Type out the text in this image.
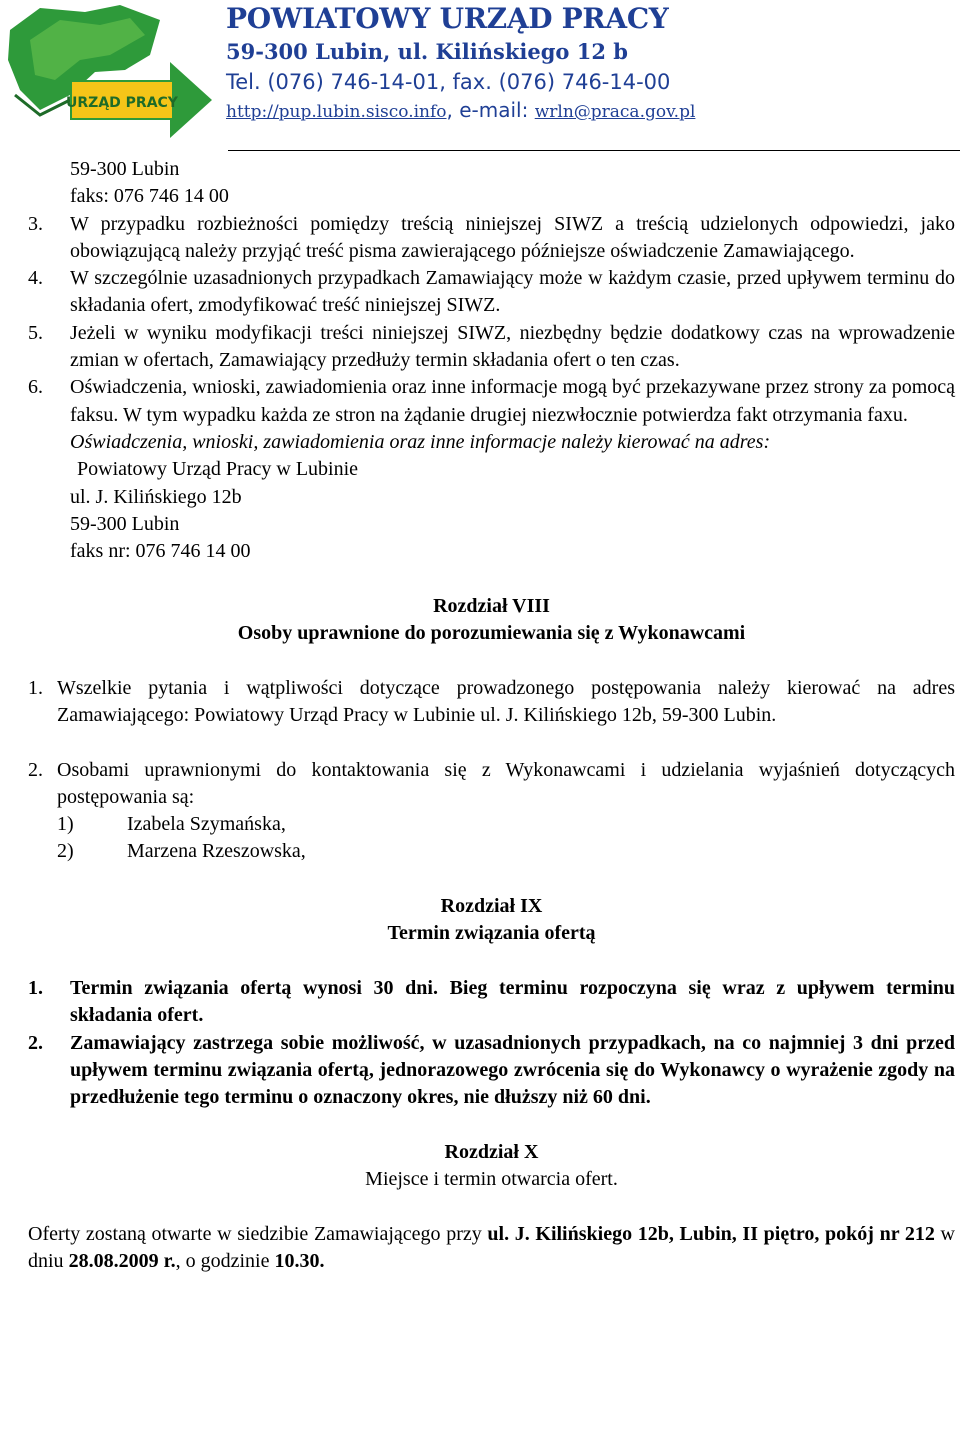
URZĄD PRACY
POWIATOWY URZĄD PRACY
59-300 Lubin, ul. Kilińskiego 12 b
Tel. (076) 746-14-01, fax. (076) 746-14-00
http://pup.lubin.sisco.info, e-mail: wrln@praca.gov.pl

59-300 Lubin

faks: 076 746 14 00

3.	W przypadku rozbieżności pomiędzy treścią niniejszej SIWZ a treścią udzielonych odpowiedzi, jako obowiązującą należy przyjąć treść pisma zawierającego późniejsze oświadczenie Zamawiającego.
4.	W szczególnie uzasadnionych przypadkach Zamawiający może w każdym czasie, przed upływem terminu do składania ofert, zmodyfikować treść niniejszej SIWZ.
5.	Jeżeli w wyniku modyfikacji treści niniejszej SIWZ, niezbędny będzie dodatkowy czas na wprowadzenie zmian w ofertach, Zamawiający przedłuży termin składania ofert o ten czas.
6.	Oświadczenia, wnioski, zawiadomienia oraz inne informacje mogą być przekazywane przez strony za pomocą faksu. W tym wypadku każda ze stron na żądanie drugiej niezwłocznie potwierdza fakt otrzymania faxu.

Oświadczenia, wnioski, zawiadomienia oraz inne informacje należy kierować na adres:

Powiatowy Urząd Pracy w Lubinie

ul. J. Kilińskiego 12b

59-300 Lubin

faks nr: 076 746 14 00

Rozdział VIII

Osoby uprawnione do porozumiewania się z Wykonawcami

1. Wszelkie pytania i wątpliwości dotyczące prowadzonego postępowania należy kierować na adres Zamawiającego: Powiatowy Urząd Pracy w Lubinie ul. J. Kilińskiego 12b, 59-300 Lubin.
2. Osobami uprawnionymi do kontaktowania się z Wykonawcami i udzielania wyjaśnień dotyczących postępowania są:
1)	Izabela Szymańska,
2)	Marzena Rzeszowska,

Rozdział IX

Termin związania ofertą

1.	Termin związania ofertą wynosi 30 dni. Bieg terminu rozpoczyna się wraz z upływem terminu składania ofert.
2.	Zamawiający zastrzega sobie możliwość, w uzasadnionych przypadkach, na co najmniej 3 dni przed upływem terminu związania ofertą, jednorazowego zwrócenia się do Wykonawcy o wyrażenie zgody na przedłużenie tego terminu o oznaczony okres, nie dłuższy niż 60 dni.

Rozdział X

Miejsce i termin otwarcia ofert.

Oferty zostaną otwarte w siedzibie Zamawiającego przy ul. J. Kilińskiego 12b, Lubin, II piętro, pokój nr 212 w dniu 28.08.2009 r., o godzinie 10.30.
